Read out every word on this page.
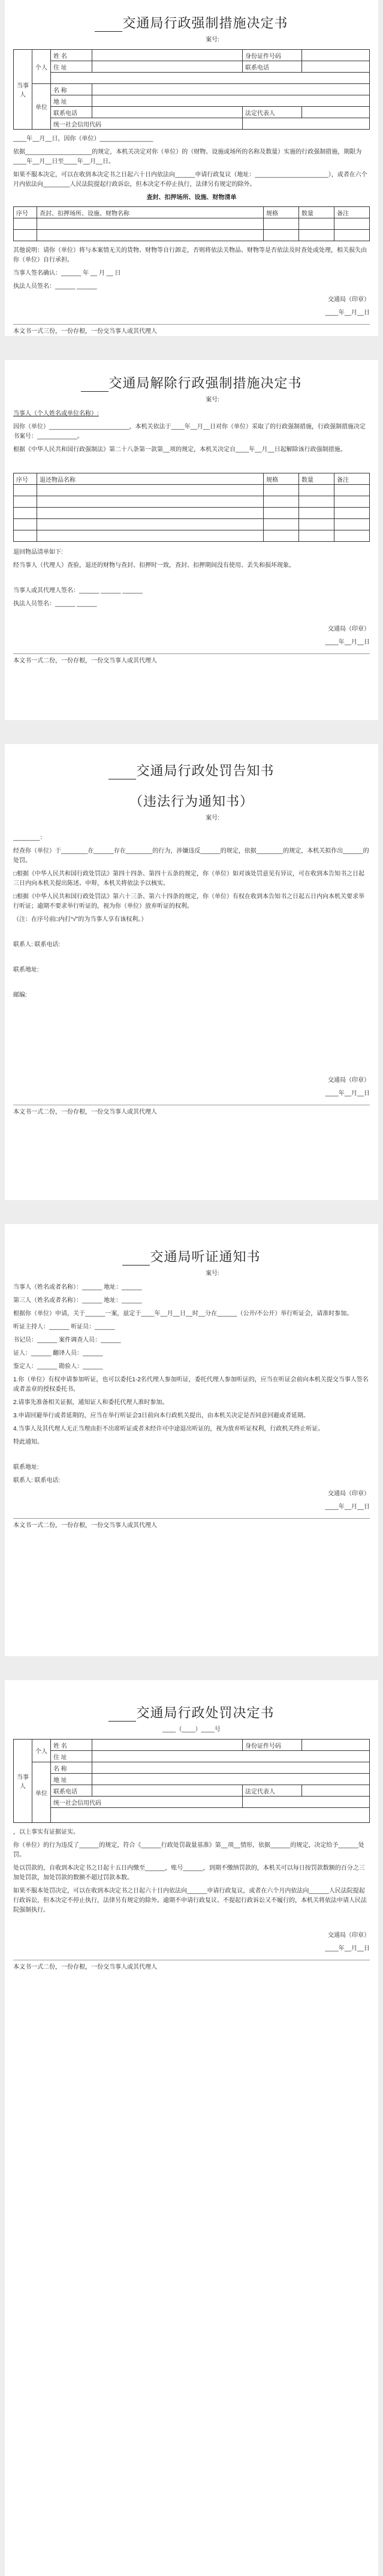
交通局行政强制措施决定书
案号:
当事人	个人	姓 名		身份证件号码	
		住 址		联系电话	

	单位	名 称			
		地 址			
		联系电话		法定代表人	
		统一社会信用代码			

____年__月__日，因你（单位）________________

依据____________________的规定，本机关决定对你（单位）的（财物、设施或场所的名称及数量）实施的行政强制措施，期限为____年__月__日至____年__月__日。

如果不服本决定，可以在收到本决定书之日起六十日内依法向______申请行政复议（地址：______________________），或者在六个月内依法向________人民法院提起行政诉讼，但本决定不停止执行，法律另有规定的除外。

查封、扣押场所、设施、财物清单

序号	查封、扣押场所、设施、财物名称	规格	数量	备注

其他说明：请你（单位）将与本案情无关的货物、财物等自行卸走，否则将依法关物品、财物等是否依法及时查处或处理，相关损失由你（单位）自行承担。

当事人签名确认：______ 年 __ 月 __ 日

执法人员签名：______ ______

交通局（印章）

____年__月__日

本文书一式三份，一份存根，一份交当事人或其代理人
交通局解除行政强制措施决定书
案号:

当事人（个人姓名或单位名称）:

因你（单位）________________________，本机关依法于____年__月__日对你（单位）采取了的行政强制措施，行政强制措施决定书案号：____________。

根据《中华人民共和国行政强制法》第二十八条第一款第__项的规定，本机关决定自____年__月__日起解除该行政强制措施。

序号	退还物品名称	规格	数量	备注

退回物品清单如下:

经当事人（代理人）查验，退还的财物与查封、扣押时一致，查封、扣押期间没有使用、丢失和损坏现象。

当事人或其代理人签名：______ ______ ______

执法人员签名：______ ______

交通局（印章）

____年__月__日

本文书一式二份，一份存根，一份交当事人或其代理人
交通局行政处罚告知书
（违法行为通知书）
案号:

________：

经查你（单位）于________在______存在________的行为，涉嫌违反______的规定，依据________的规定，本机关拟作出______的处罚。

□根据《中华人民共和国行政处罚法》第四十四条、第四十五条的规定，你（单位）如对该处罚意见有异议，可在收到本告知书之日起三日内向本机关提出陈述、申辩，本机关将依法予以核实。

□根据《中华人民共和国行政处罚法》第六十三条、第六十四条的规定，你（单位）有权在收到本告知书之日起五日内向本机关要求举行听证；逾期不要求举行听证的，视为你（单位）放弃听证的权利。

（注：在序号前□内打“√”的为当事人享有该权利。）

联系人: 联系电话:

联系地址:

邮编:

交通局（印章）

____年__月__日

本文书一式二份，一份存根，一份交当事人或其代理人
交通局听证通知书
案号:

当事人（姓名或者名称）：______ 地址：______

第三人（姓名或者名称）：______ 地址：______

根据你（单位）申请，关于______一案，兹定于____年__月__日__时__分在______（公开/不公开）举行听证会，请准时参加。

听证主持人：______ 听证员：______

书记员：______ 案件调查人员：______

证人：______ 翻译人员：______

鉴定人：______ 勘验人：______

1.你（单位）有权申请参加听证，也可以委托1-2名代理人参加听证，委托代理人参加听证的，应当在听证会前向本机关提交当事人签名或者盖章的授权委托书。

2.请事先准备相关证据，通知证人和委托代理人准时参加。

3.申请回避举行或者延期的，应当在举行听证会3日前向本行政机关提出，由本机关决定是否同意回避或者延期。

4.当事人及其代理人无正当理由拒不出席听证或者未经许可中途退出听证的，视为放弃听证权利，行政机关终止听证。

特此通知。

联系地址:

联系人: 联系电话:

交通局（印章）

____年__月__日

本文书一式二份，一份存根，一份交当事人或其代理人
交通局行政处罚决定书
____（____）____号
当事人	个人	姓 名		身份证件号码	
		住 址			
	单位	名 称			
		地 址			
		联系电话		法定代表人	
		统一社会信用代码			

，以上事实有证据证实。

你（单位）的行为违反了______的规定，符合《______行政处罚裁量基准》第__项__情形，依据______的规定，决定给予______处罚。

处以罚款的，自收到本决定书之日起十五日内缴至______，账号______，到期不缴纳罚款的，本机关可以每日按罚款数额的百分之三加处罚款，加处罚款的数额不超过罚款本数。

如果不服本处罚决定，可以在收到本决定书之日起六十日内依法向______申请行政复议，或者在六个月内依法向______人民法院提起行政诉讼，但本决定不停止执行，法律另有规定的除外。逾期不申请行政复议、不提起行政诉讼又不履行的，本机关将依法申请人民法院强制执行。

交通局（印章）

____年__月__日

本文书一式二份，一份存根，一份交当事人或其代理人
